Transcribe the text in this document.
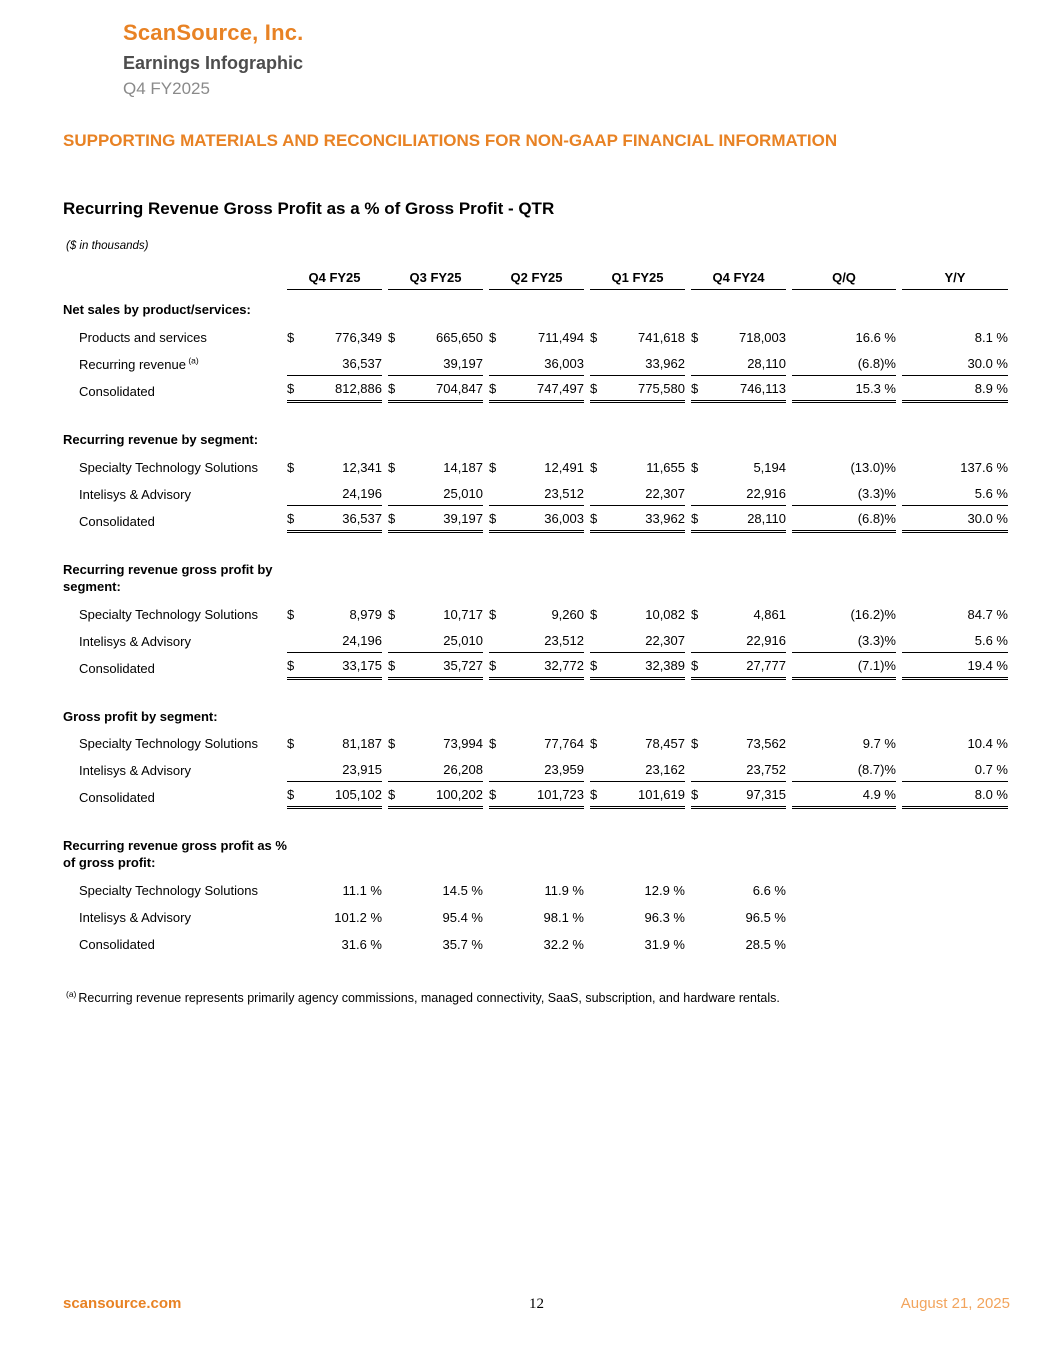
ScanSource, Inc.
Earnings Infographic
Q4 FY2025
SUPPORTING MATERIALS AND RECONCILIATIONS FOR NON-GAAP FINANCIAL INFORMATION
Recurring Revenue Gross Profit as a % of Gross Profit - QTR
($ in thousands)
Q4 FY25	Q3 FY25	Q2 FY25	Q1 FY25	Q4 FY24	Q/Q	Y/Y
Net sales by product/services:
Products and services	$	776,349 $	665,650 $	711,494 $	741,618 $	718,003	16.6 %	8.1 %
Recurring revenue $^{(a)}$	36,537	39,197	36,003	33,962	28,110	(6.8)%	30.0 %
Consolidated	$	812,886 $	704,847 $	747,497 $	775,580 $	746,113	15.3 %	8.9 %
Recurring revenue by segment:
Specialty Technology Solutions	$	12,341 $	14,187 $	12,491 $	11,655 $	5,194	(13.0)%	137.6 %
Intelisys & Advisory	24,196	25,010	23,512	22,307	22,916	(3.3)%	5.6 %
Consolidated	$	36,537 $	39,197 $	36,003 $	33,962 $	28,110	(6.8)%	30.0 %
Recurring revenue gross profit by segment:
Specialty Technology Solutions	$	8,979 $	10,717 $	9,260 $	10,082 $	4,861	(16.2)%	84.7 %
Intelisys & Advisory	24,196	25,010	23,512	22,307	22,916	(3.3)%	5.6 %
Consolidated	$	33,175 $	35,727 $	32,772 $	32,389 $	27,777	(7.1)%	19.4 %
Gross profit by segment:
Specialty Technology Solutions	$	81,187 $	73,994 $	77,764 $	78,457 $	73,562	9.7 %	10.4 %
Intelisys & Advisory	23,915	26,208	23,959	23,162	23,752	(8.7)%	0.7 %
Consolidated	$	105,102 $	100,202 $	101,723 $	101,619 $	97,315	4.9 %	8.0 %
Recurring revenue gross profit as % of gross profit:
Specialty Technology Solutions	11.1 %	14.5 %	11.9 %	12.9 %	6.6 %
Intelisys & Advisory	101.2 %	95.4 %	98.1 %	96.3 %	96.5 %
Consolidated	31.6 %	35.7 %	32.2 %	31.9 %	28.5 %
$^{(a)}$ Recurring revenue represents primarily agency commissions, managed connectivity, SaaS, subscription, and hardware rentals.
scansource.com	12	August 21, 2025
